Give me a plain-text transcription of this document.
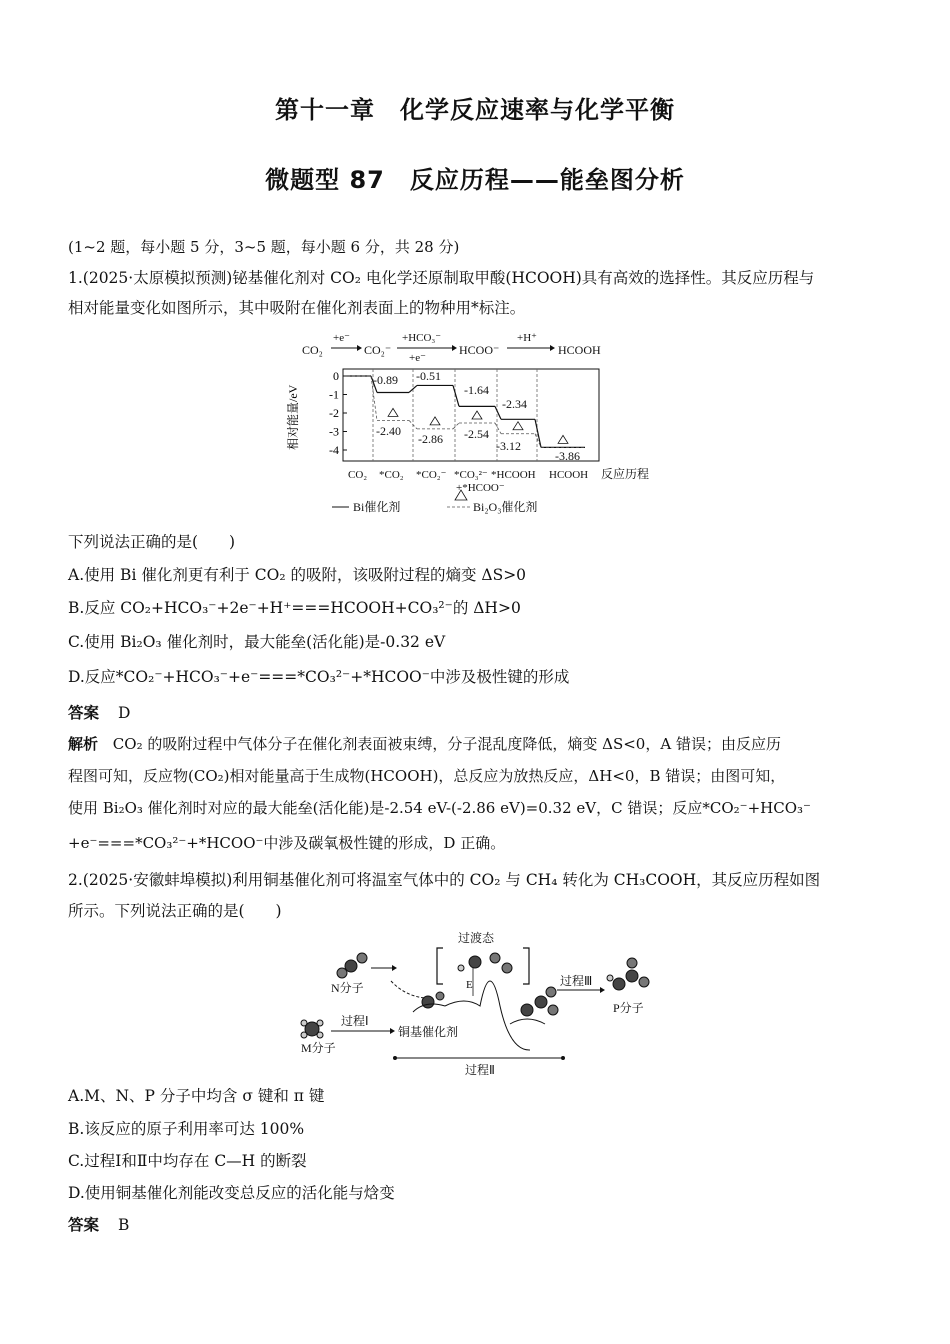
第十一章　化学反应速率与化学平衡
微题型 87　反应历程——能垒图分析
(1~2 题，每小题 5 分，3~5 题，每小题 6 分，共 28 分)
1.(2025·太原模拟预测)铋基催化剂对 CO₂ 电化学还原制取甲酸(HCOOH)具有高效的选择性。其反应历程与
相对能量变化如图所示，其中吸附在催化剂表面上的物种用*标注。
CO₂
+e⁻
CO₂⁻
+HCO₃⁻
+e⁻
HCOO⁻
+H⁺
HCOOH
0
-1
-2
-3
-4
相对能量/eV
-0.89 -0.51
-1.64
-2.34
-2.40
-2.86 -2.54
-3.12
-3.86
CO₂ *CO₂ *CO₂⁻ *CO₃²⁻
+*HCOO⁻
*HCOOH HCOOH 反应历程
Bi催化剂	Bi₂O₃催化剂
下列说法正确的是(　　)
A.使用 Bi 催化剂更有利于 CO₂ 的吸附，该吸附过程的熵变 ΔS>0
B.反应 CO₂+HCO₃⁻+2e⁻+H⁺===HCOOH+CO₃²⁻的 ΔH>0
C.使用 Bi₂O₃ 催化剂时，最大能垒(活化能)是-0.32 eV
D.反应*CO₂⁻+HCO₃⁻+e⁻===*CO₃²⁻+*HCOO⁻中涉及极性键的形成
答案 D
解析 CO₂ 的吸附过程中气体分子在催化剂表面被束缚，分子混乱度降低，熵变 ΔS<0，A 错误；由反应历
程图可知，反应物(CO₂)相对能量高于生成物(HCOOH)，总反应为放热反应，ΔH<0，B 错误；由图可知，
使用 Bi₂O₃ 催化剂时对应的最大能垒(活化能)是-2.54 eV-(-2.86 eV)=0.32 eV，C 错误；反应*CO₂⁻+HCO₃⁻
+e⁻===*CO₃²⁻+*HCOO⁻中涉及碳氧极性键的形成，D 正确。
2.(2025·安徽蚌埠模拟)利用铜基催化剂可将温室气体中的 CO₂ 与 CH₄ 转化为 CH₃COOH，其反应历程如图
所示。下列说法正确的是(　　)
过渡态
E
N分子
M分子
过程Ⅰ
铜基催化剂
过程Ⅲ
P分子
过程Ⅱ
A.M、N、P 分子中均含 σ 键和 π 键
B.该反应的原子利用率可达 100%
C.过程Ⅰ和Ⅱ中均存在 C—H 的断裂
D.使用铜基催化剂能改变总反应的活化能与焓变
答案 B
